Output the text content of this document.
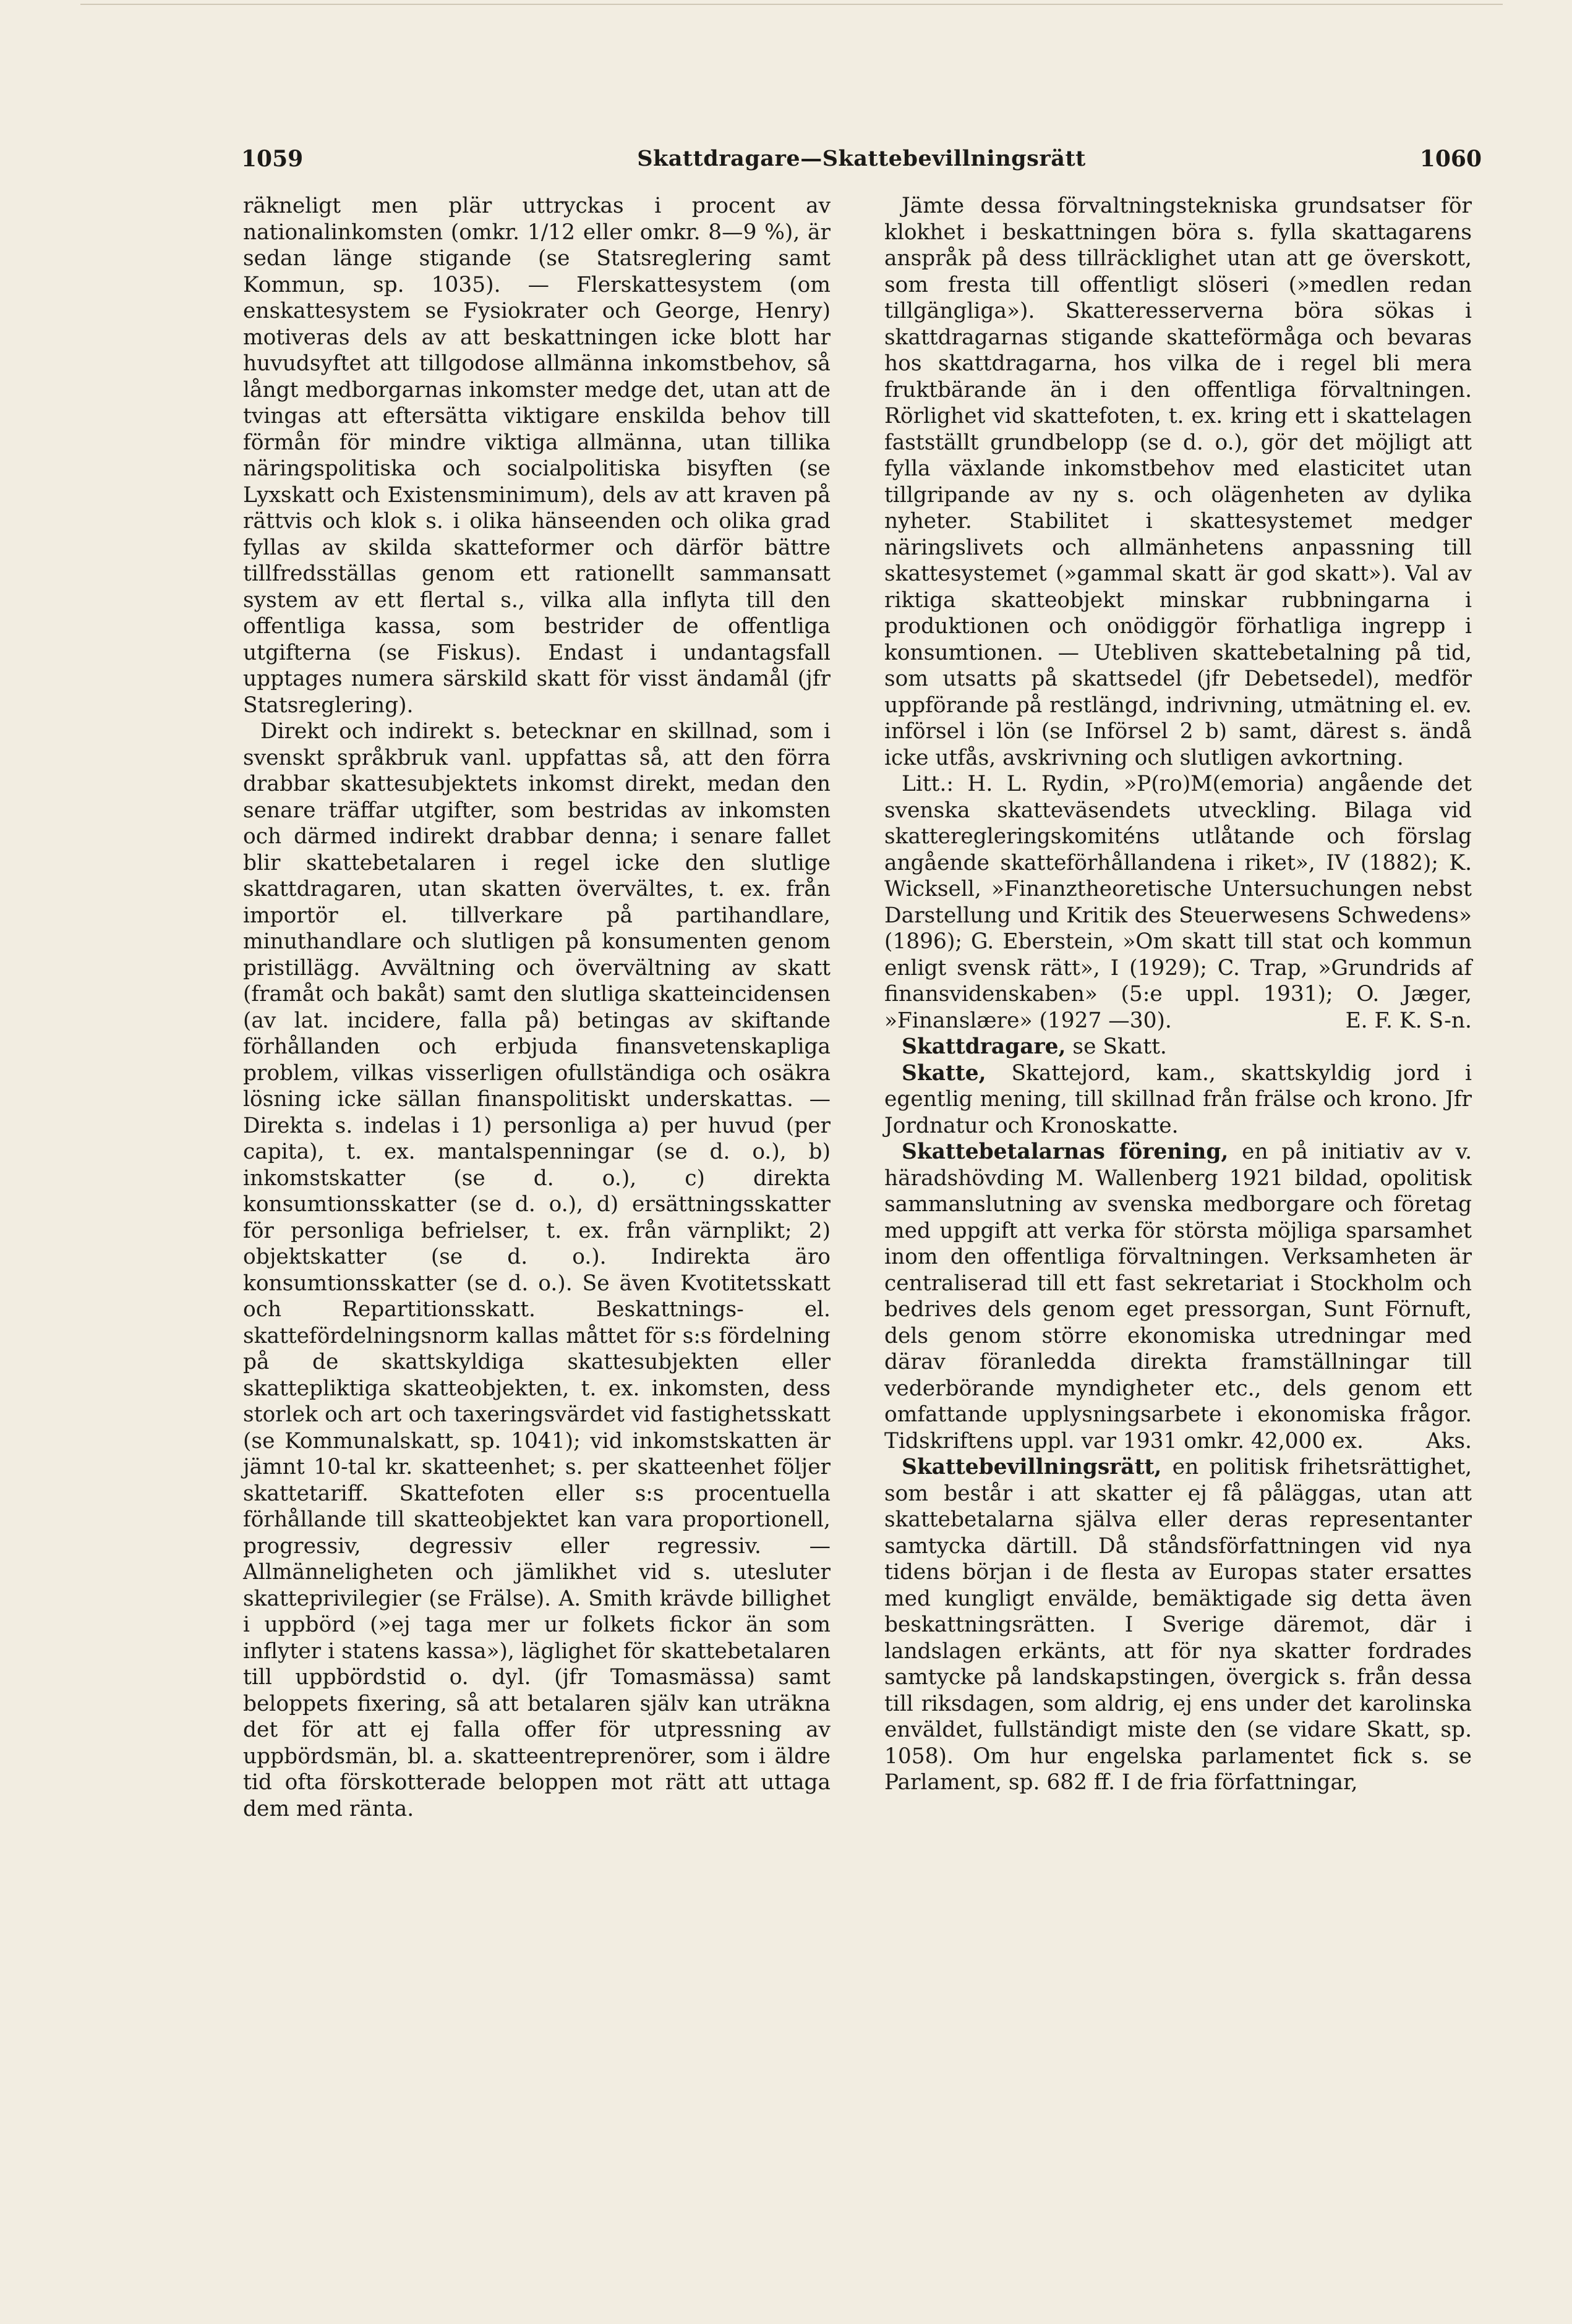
1059	Skattdragare—Skattebevillningsrätt	1060

räkneligt men plär uttryckas i procent av nationalinkomsten (omkr. 1/12 eller omkr. 8—9 %), är sedan länge stigande (se Statsreglering samt Kommun, sp. 1035). — Flerskattesystem (om enskattesystem se Fysiokrater och George, Henry) motiveras dels av att beskattningen icke blott har huvudsyftet att tillgodose allmänna inkomstbehov, så långt medborgarnas inkomster medge det, utan att de tvingas att eftersätta viktigare enskilda behov till förmån för mindre viktiga allmänna, utan tillika näringspolitiska och socialpolitiska bisyften (se Lyxskatt och Existensminimum), dels av att kraven på rättvis och klok s. i olika hänseenden och olika grad fyllas av skilda skatteformer och därför bättre tillfredsställas genom ett rationellt sammansatt system av ett flertal s., vilka alla inflyta till den offentliga kassa, som bestrider de offentliga utgifterna (se Fiskus). Endast i undantagsfall upptages numera särskild skatt för visst ändamål (jfr Statsreglering).

Direkt och indirekt s. betecknar en skillnad, som i svenskt språkbruk vanl. uppfattas så, att den förra drabbar skattesubjektets inkomst direkt, medan den senare träffar utgifter, som bestridas av inkomsten och därmed indirekt drabbar denna; i senare fallet blir skattebetalaren i regel icke den slutlige skattdragaren, utan skatten övervältes, t. ex. från importör el. tillverkare på partihandlare, minuthandlare och slutligen på konsumenten genom pristillägg. Avvältning och övervältning av skatt (framåt och bakåt) samt den slutliga skatteincidensen (av lat. incidere, falla på) betingas av skiftande förhållanden och erbjuda finansvetenskapliga problem, vilkas visserligen ofullständiga och osäkra lösning icke sällan finanspolitiskt underskattas. — Direkta s. indelas i 1) personliga a) per huvud (per capita), t. ex. mantalspenningar (se d. o.), b) inkomstskatter (se d. o.), c) direkta konsumtionsskatter (se d. o.), d) ersättningsskatter för personliga befrielser, t. ex. från värnplikt; 2) objektskatter (se d. o.). Indirekta äro konsumtionsskatter (se d. o.). Se även Kvotitetsskatt och Repartitionsskatt. Beskattnings- el. skattefördelningsnorm kallas måttet för s:s fördelning på de skattskyldiga skattesubjekten eller skattepliktiga skatteobjekten, t. ex. inkomsten, dess storlek och art och taxeringsvärdet vid fastighetsskatt (se Kommunalskatt, sp. 1041); vid inkomstskatten är jämnt 10-tal kr. skatteenhet; s. per skatteenhet följer skattetariff. Skattefoten eller s:s procentuella förhållande till skatteobjektet kan vara proportionell, progressiv, degressiv eller regressiv. — Allmänneligheten och jämlikhet vid s. utesluter skatteprivilegier (se Frälse). A. Smith krävde billighet i uppbörd (»ej taga mer ur folkets fickor än som inflyter i statens kassa»), läglighet för skattebetalaren till uppbördstid o. dyl. (jfr Tomasmässa) samt beloppets fixering, så att betalaren själv kan uträkna det för att ej falla offer för utpressning av uppbördsmän, bl. a. skatteentreprenörer, som i äldre tid ofta förskotterade beloppen mot rätt att uttaga dem med ränta.

Jämte dessa förvaltningstekniska grundsatser för klokhet i beskattningen böra s. fylla skattagarens anspråk på dess tillräcklighet utan att ge överskott, som fresta till offentligt slöseri (»medlen redan tillgängliga»). Skatteresserverna böra sökas i skattdragarnas stigande skatteförmåga och bevaras hos skattdragarna, hos vilka de i regel bli mera fruktbärande än i den offentliga förvaltningen. Rörlighet vid skattefoten, t. ex. kring ett i skattelagen fastställt grundbelopp (se d. o.), gör det möjligt att fylla växlande inkomstbehov med elasticitet utan tillgripande av ny s. och olägenheten av dylika nyheter. Stabilitet i skattesystemet medger näringslivets och allmänhetens anpassning till skattesystemet (»gammal skatt är god skatt»). Val av riktiga skatteobjekt minskar rubbningarna i produktionen och onödiggör förhatliga ingrepp i konsumtionen. — Utebliven skattebetalning på tid, som utsatts på skattsedel (jfr Debetsedel), medför uppförande på restlängd, indrivning, utmätning el. ev. införsel i lön (se Införsel 2 b) samt, därest s. ändå icke utfås, avskrivning och slutligen avkortning.

Litt.: H. L. Rydin, »P(ro)M(emoria) angående det svenska skatteväsendets utveckling. Bilaga vid skatteregleringskomiténs utlåtande och förslag angående skatteförhållandena i riket», IV (1882); K. Wicksell, »Finanztheoretische Untersuchungen nebst Darstellung und Kritik des Steuerwesens Schwedens» (1896); G. Eberstein, »Om skatt till stat och kommun enligt svensk rätt», I (1929); C. Trap, »Grundrids af finansvidenskaben» (5:e uppl. 1931); O. Jæger, »Finanslære» (1927 —30).	E. F. K. S-n.

Skattdragare, se Skatt.

Skatte, Skattejord, kam., skattskyldig jord i egentlig mening, till skillnad från frälse och krono. Jfr Jordnatur och Kronoskatte.

Skattebetalarnas förening, en på initiativ av v. häradshövding M. Wallenberg 1921 bildad, opolitisk sammanslutning av svenska medborgare och företag med uppgift att verka för största möjliga sparsamhet inom den offentliga förvaltningen. Verksamheten är centraliserad till ett fast sekretariat i Stockholm och bedrives dels genom eget pressorgan, Sunt Förnuft, dels genom större ekonomiska utredningar med därav föranledda direkta framställningar till vederbörande myndigheter etc., dels genom ett omfattande upplysningsarbete i ekonomiska frågor. Tidskriftens uppl. var 1931 omkr. 42,000 ex.	Aks.

Skattebevillningsrätt, en politisk frihetsrättighet, som består i att skatter ej få påläggas, utan att skattebetalarna själva eller deras representanter samtycka därtill. Då ståndsförfattningen vid nya tidens början i de flesta av Europas stater ersattes med kungligt envälde, bemäktigade sig detta även beskattningsrätten. I Sverige däremot, där i landslagen erkänts, att för nya skatter fordrades samtycke på landskapstingen, övergick s. från dessa till riksdagen, som aldrig, ej ens under det karolinska enväldet, fullständigt miste den (se vidare Skatt, sp. 1058). Om hur engelska parlamentet fick s. se Parlament, sp. 682 ff. I de fria författningar,
